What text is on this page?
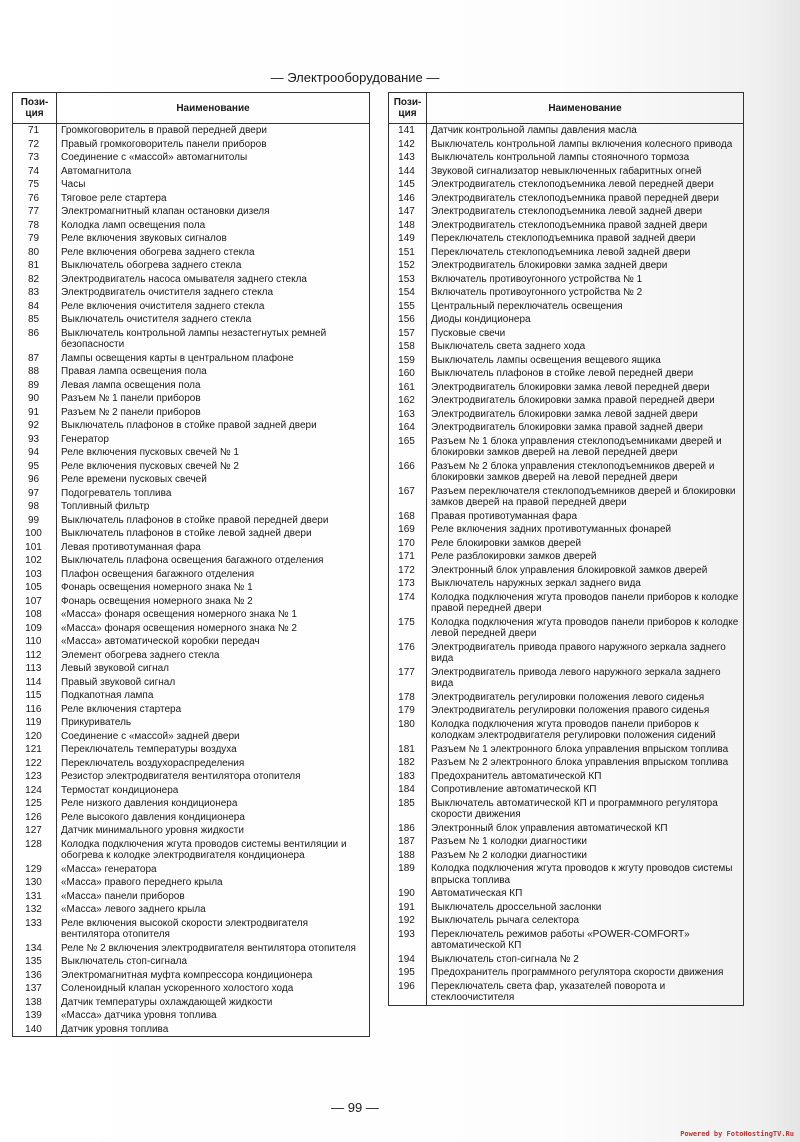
— Электрооборудование —
Пози-
ция	Наименование
71	Громкоговоритель в правой передней двери
72	Правый громкоговоритель панели приборов
73	Соединение с «массой» автомагнитолы
74	Автомагнитола
75	Часы
76	Тяговое реле стартера
77	Электромагнитный клапан остановки дизеля
78	Колодка ламп освещения пола
79	Реле включения звуковых сигналов
80	Реле включения обогрева заднего стекла
81	Выключатель обогрева заднего стекла
82	Электродвигатель насоса омывателя заднего стекла
83	Электродвигатель очистителя заднего стекла
84	Реле включения очистителя заднего стекла
85	Выключатель очистителя заднего стекла
86	Выключатель контрольной лампы незастегнутых ремней безопасности
87	Лампы освещения карты в центральном плафоне
88	Правая лампа освещения пола
89	Левая лампа освещения пола
90	Разъем № 1 панели приборов
91	Разъем № 2 панели приборов
92	Выключатель плафонов в стойке правой задней двери
93	Генератор
94	Реле включения пусковых свечей № 1
95	Реле включения пусковых свечей № 2
96	Реле времени пусковых свечей
97	Подогреватель топлива
98	Топливный фильтр
99	Выключатель плафонов в стойке правой передней двери
100	Выключатель плафонов в стойке левой задней двери
101	Левая противотуманная фара
102	Выключатель плафона освещения багажного отделения
103	Плафон освещения багажного отделения
105	Фонарь освещения номерного знака № 1
107	Фонарь освещения номерного знака № 2
108	«Масса» фонаря освещения номерного знака № 1
109	«Масса» фонаря освещения номерного знака № 2
110	«Масса» автоматической коробки передач
112	Элемент обогрева заднего стекла
113	Левый звуковой сигнал
114	Правый звуковой сигнал
115	Подкапотная лампа
116	Реле включения стартера
119	Прикуриватель
120	Соединение с «массой» задней двери
121	Переключатель температуры воздуха
122	Переключатель воздухораспределения
123	Резистор электродвигателя вентилятора отопителя
124	Термостат кондиционера
125	Реле низкого давления кондиционера
126	Реле высокого давления кондиционера
127	Датчик минимального уровня жидкости
128	Колодка подключения жгута проводов системы вентиляции и обогрева к колодке электродвигателя кондиционера
129	«Масса» генератора
130	«Масса» правого переднего крыла
131	«Масса» панели приборов
132	«Масса» левого заднего крыла
133	Реле включения высокой скорости электродвигателя вентилятора отопителя
134	Реле № 2 включения электродвигателя вентилятора отопителя
135	Выключатель стоп-сигнала
136	Электромагнитная муфта компрессора кондиционера
137	Соленоидный клапан ускоренного холостого хода
138	Датчик температуры охлаждающей жидкости
139	«Масса» датчика уровня топлива
140	Датчик уровня топлива
Пози-
ция	Наименование
141	Датчик контрольной лампы давления масла
142	Выключатель контрольной лампы включения колесного привода
143	Выключатель контрольной лампы стояночного тормоза
144	Звуковой сигнализатор невыключенных габаритных огней
145	Электродвигатель стеклоподъемника левой передней двери
146	Электродвигатель стеклоподъемника правой передней двери
147	Электродвигатель стеклоподъемника левой задней двери
148	Электродвигатель стеклоподъемника правой задней двери
149	Переключатель стеклоподъемника правой задней двери
151	Переключатель стеклоподъемника левой задней двери
152	Электродвигатель блокировки замка задней двери
153	Включатель противоугонного устройства № 1
154	Включатель противоугонного устройства № 2
155	Центральный переключатель освещения
156	Диоды кондиционера
157	Пусковые свечи
158	Выключатель света заднего хода
159	Выключатель лампы освещения вещевого ящика
160	Выключатель плафонов в стойке левой передней двери
161	Электродвигатель блокировки замка левой передней двери
162	Электродвигатель блокировки замка правой передней двери
163	Электродвигатель блокировки замка левой задней двери
164	Электродвигатель блокировки замка правой задней двери
165	Разъем № 1 блока управления стеклоподъемниками дверей и блокировки замков дверей на левой передней двери
166	Разъем № 2 блока управления стеклоподъемников дверей и блокировки замков дверей на левой передней двери
167	Разъем переключателя стеклоподъемников дверей и блокировки замков дверей на правой передней двери
168	Правая противотуманная фара
169	Реле включения задних противотуманных фонарей
170	Реле блокировки замков дверей
171	Реле разблокировки замков дверей
172	Электронный блок управления блокировкой замков дверей
173	Выключатель наружных зеркал заднего вида
174	Колодка подключения жгута проводов панели приборов к колодке правой передней двери
175	Колодка подключения жгута проводов панели приборов к колодке левой передней двери
176	Электродвигатель привода правого наружного зеркала заднего вида
177	Электродвигатель привода левого наружного зеркала заднего вида
178	Электродвигатель регулировки положения левого сиденья
179	Электродвигатель регулировки положения правого сиденья
180	Колодка подключения жгута проводов панели приборов к колодкам электродвигателя регулировки положения сидений
181	Разъем № 1 электронного блока управления впрыском топлива
182	Разъем № 2 электронного блока управления впрыском топлива
183	Предохранитель автоматической КП
184	Сопротивление автоматической КП
185	Выключатель автоматической КП и программного регулятора скорости движения
186	Электронный блок управления автоматической КП
187	Разъем № 1 колодки диагностики
188	Разъем № 2 колодки диагностики
189	Колодка подключения жгута проводов к жгуту проводов системы впрыска топлива
190	Автоматическая КП
191	Выключатель дроссельной заслонки
192	Выключатель рычага селектора
193	Переключатель режимов работы «POWER-COMFORT» автоматической КП
194	Выключатель стоп-сигнала № 2
195	Предохранитель программного регулятора скорости движения
196	Переключатель света фар, указателей поворота и стеклоочистителя
— 99 —
Powered by FotoHostingTV.Ru
